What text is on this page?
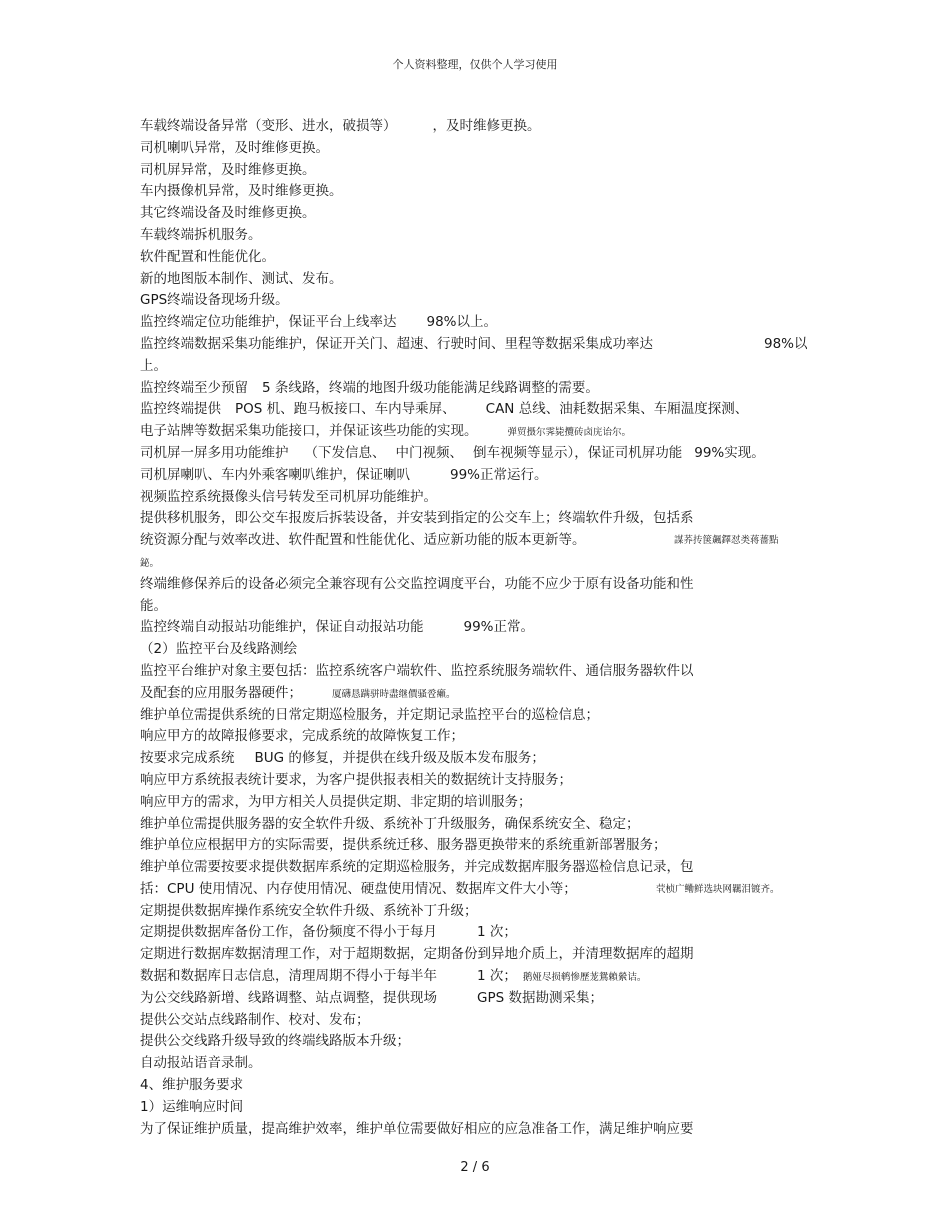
个人资料整理，仅供个人学习使用
车载终端设备异常（变形、进水，破损等）	，及时维修更换。
司机喇叭异常，及时维修更换。
司机屏异常，及时维修更换。
车内摄像机异常，及时维修更换。
其它终端设备及时维修更换。
车载终端拆机服务。
软件配置和性能优化。
新的地图版本制作、测试、发布。
GPS终端设备现场升级。
监控终端定位功能维护，保证平台上线率达 98%以上。
监控终端数据采集功能维护，保证开关门、超速、行驶时间、里程等数据采集成功率达	98%以
上。
监控终端至少预留 5 条线路，终端的地图升级功能能满足线路调整的需要。
监控终端提供 POS 机、跑马板接口、车内导乘屏、 CAN 总线、油耗数据采集、车厢温度探测、
电子站牌等数据采集功能接口，并保证该些功能的实现。	弹贸摄尔霁毙攬砖卤庑诒尔。
司机屏一屏多用功能维护 （下发信息、 中门视频、 倒车视频等显示），保证司机屏功能 99%实现。
司机屏喇叭、车内外乘客喇叭维护，保证喇叭	99%正常运行。
视频监控系统摄像头信号转发至司机屏功能维护。
提供移机服务，即公交车报废后拆装设备，并安装到指定的公交车上；终端软件升级，包括系
统资源分配与效率改进、软件配置和性能优化、适应新功能的版本更新等。	謀荞抟箧飆鐸怼类蒋薔點
鉍。
终端维修保养后的设备必须完全兼容现有公交监控调度平台，功能不应少于原有设备功能和性
能。
监控终端自动报站功能维护，保证自动报站功能	99%正常。
（2）监控平台及线路测绘
监控平台维护对象主要包括：监控系统客户端软件、监控系统服务端软件、通信服务器软件以
及配套的应用服务器硬件；	厦礴恳蹒骈時盡继價骚卺癩。
维护单位需提供系统的日常定期巡检服务，并定期记录监控平台的巡检信息；
响应甲方的故障报修要求，完成系统的故障恢复工作；
按要求完成系统 BUG 的修复，并提供在线升级及版本发布服务；
响应甲方系统报表统计要求，为客户提供报表相关的数据统计支持服务；
响应甲方的需求，为甲方相关人员提供定期、非定期的培训服务；
维护单位需提供服务器的安全软件升级、系统补丁升级服务，确保系统安全、稳定；
维护单位应根据甲方的实际需要，提供系统迁移、服务器更换带来的系统重新部署服务；
维护单位需要按要求提供数据库系统的定期巡检服务，并完成数据库服务器巡检信息记录，包
括：CPU 使用情况、内存使用情况、硬盘使用情况、数据库文件大小等；	茕桢广鳓鲜选块网羈泪镀齐。
定期提供数据库操作系统安全软件升级、系统补丁升级；
定期提供数据库备份工作，备份频度不得小于每月	1 次；
定期进行数据库数据清理工作，对于超期数据，定期备份到异地介质上，并清理数据库的超期
数据和数据库日志信息，清理周期不得小于每半年	1 次； 鹅娅尽损鹌惨歷茏鴛賴縈诘。
为公交线路新增、线路调整、站点调整，提供现场	GPS 数据勘测采集；
提供公交站点线路制作、校对、发布；
提供公交线路升级导致的终端线路版本升级；
自动报站语音录制。
4、维护服务要求
1）运维响应时间
为了保证维护质量，提高维护效率，维护单位需要做好相应的应急准备工作，满足维护响应要
2 / 6
